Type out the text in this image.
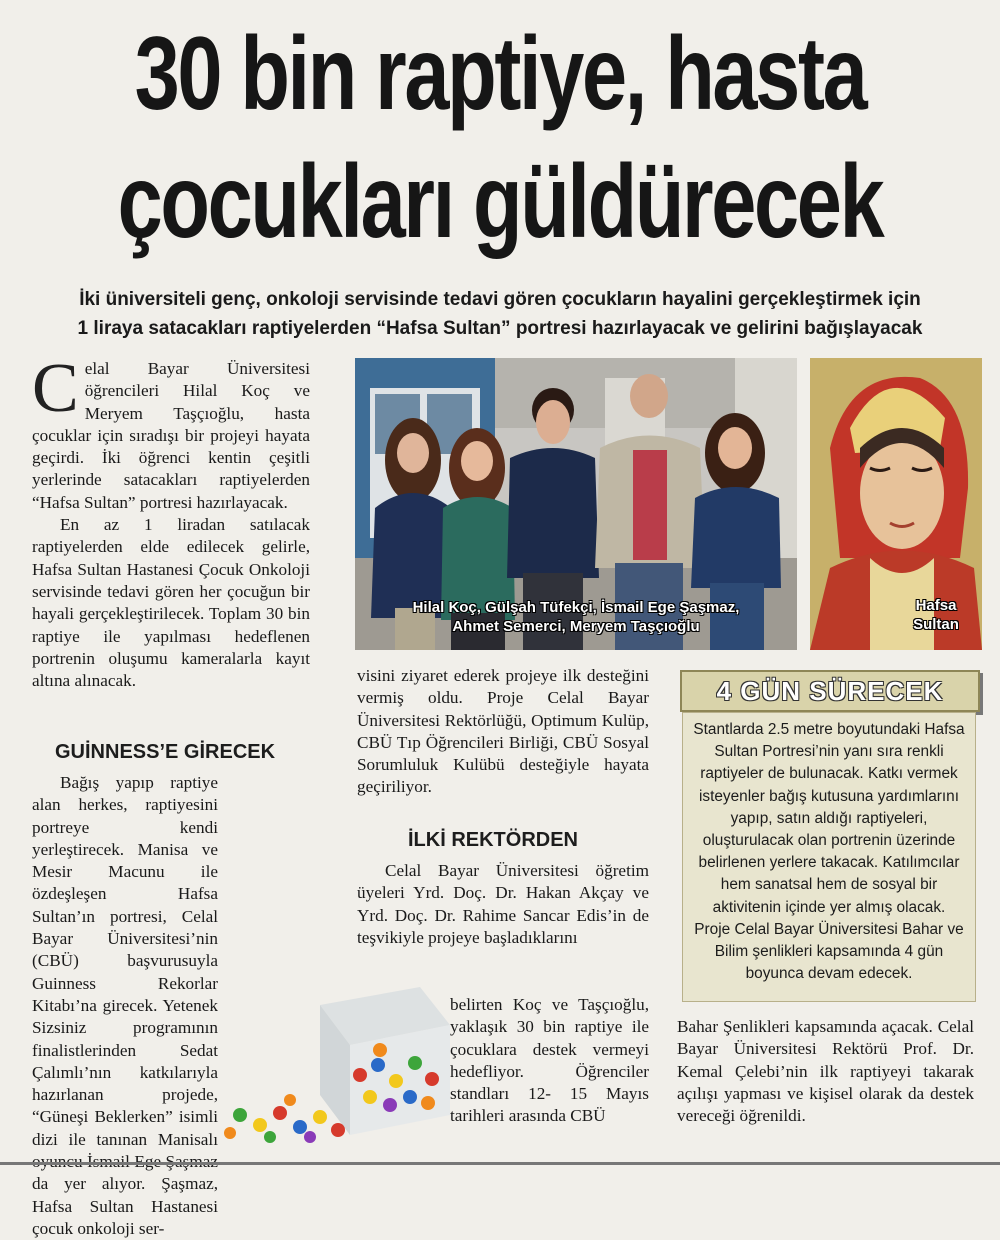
30 bin raptiye, hasta
çocukları güldürecek
İki üniversiteli genç, onkoloji servisinde tedavi gören çocukların hayalini gerçekleştirmek için
1 liraya satacakları raptiyelerden “Hafsa Sultan” portresi hazırlayacak ve gelirini bağışlayacak

Celal Bayar Üniversitesi öğrencileri Hilal Koç ve Meryem Taşçıoğlu, hasta çocuklar için sıradışı bir projeyi hayata geçirdi. İki öğrenci kentin çeşitli yerlerinde satacakları raptiyelerden “Hafsa Sultan” portresi hazırlayacak.

En az 1 liradan satılacak raptiyelerden elde edilecek gelirle, Hafsa Sultan Hastanesi Çocuk Onkoloji servisinde tedavi gören her çocuğun bir hayali gerçekleştirilecek. Toplam 30 bin raptiye ile yapılması hedeflenen portrenin oluşumu kameralarla kayıt altına alınacak.

GUİNNESS’E GİRECEK

Bağış yapıp raptiye alan herkes, raptiyesini portreye kendi yerleştirecek. Manisa ve Mesir Macunu ile özdeşleşen Hafsa Sultan’ın portresi, Celal Bayar Üniversitesi’nin (CBÜ) başvurusuyla Guinness Rekorlar Kitabı’na girecek. Yetenek Sizsiniz programının finalistlerinden Sedat Çalımlı’nın katkılarıyla hazırlanan projede, “Güneşi Beklerken” isimli dizi ile tanınan Manisalı da yer alıyor. Şaşmaz, Hafsa Sultan Hastanesi çocuk onkoloji ser-

Hilal Koç, Gülşah Tüfekçi, İsmail Ege Şaşmaz,
Ahmet Semerci, Meryem Taşçıoğlu
Hafsa
Sultan

visini ziyaret ederek projeye ilk desteğini vermiş oldu. Proje Celal Bayar Üniversitesi Rektörlüğü, Optimum Kulüp, CBÜ Tıp Öğrencileri Birliği, CBÜ Sosyal Sorumluluk Kulübü desteğiyle hayata geçiriliyor.

İLKİ REKTÖRDEN

Celal Bayar Üniversitesi öğretim üyeleri Yrd. Doç. Dr. Hakan Akçay ve Yrd. Doç. Dr. Rahime Sancar Edis’in de teşvikiyle projeye başladıklarını

belirten Koç ve Taşçıoğlu, yaklaşık 30 bin raptiye ile çocuklara destek vermeyi hedefliyor. Öğrenciler standları 12- 15 Mayıs tarihleri arasında CBÜ

4 GÜN SÜRECEK
Stantlarda 2.5 metre boyutundaki Hafsa Sultan Portresi’nin yanı sıra renkli raptiyeler de bulunacak. Katkı vermek isteyenler bağış kutusuna yardımlarını yapıp, satın aldığı raptiyeleri, oluşturulacak olan portrenin üzerinde belirlenen yerlere takacak. Katılımcılar hem sanatsal hem de sosyal bir aktivitenin içinde yer almış olacak. Proje Celal Bayar Üniversitesi Bahar ve Bilim şenlikleri kapsamında 4 gün boyunca devam edecek.

Bahar Şenlikleri kapsamında açacak. Celal Bayar Üniversitesi Rektörü Prof. Dr. Kemal Çelebi’nin ilk raptiyeyi takarak açılışı yapması ve kişisel olarak da destek vereceği öğrenildi.
